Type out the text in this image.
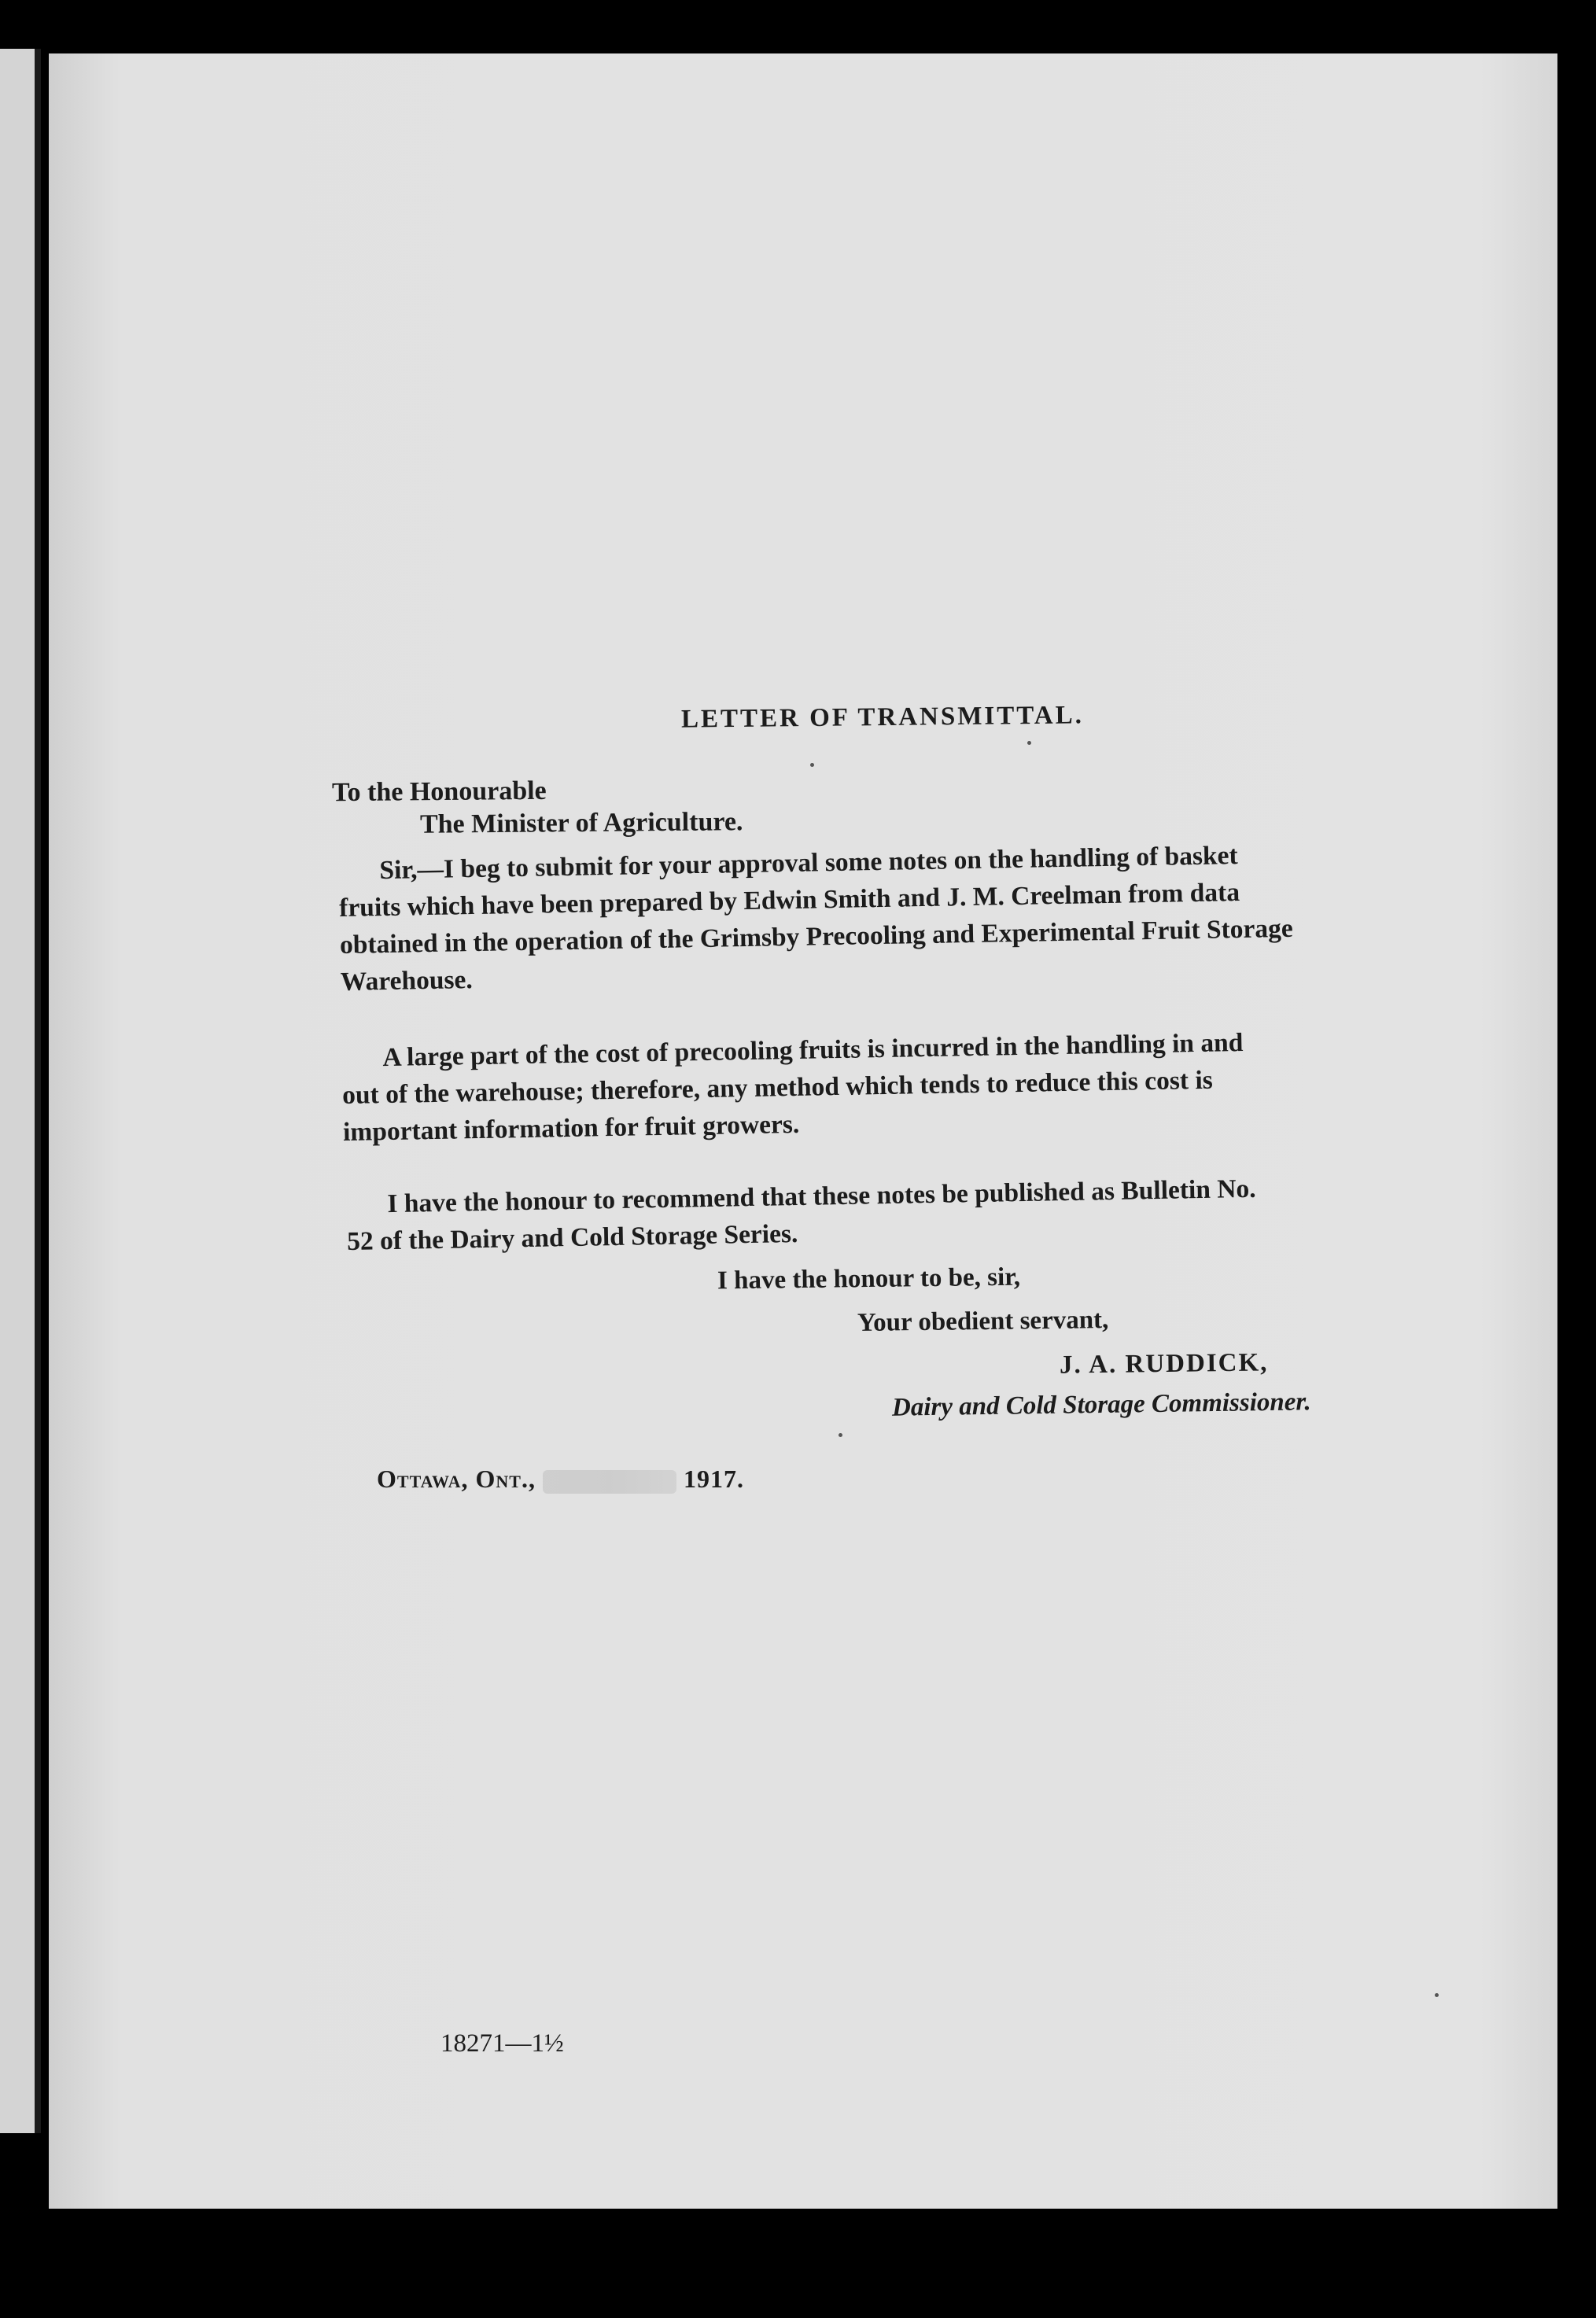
LETTER OF TRANSMITTAL.
To the Honourable
The Minister of Agriculture.
Sir,—I beg to submit for your approval some notes on the handling of basket
fruits which have been prepared by Edwin Smith and J. M. Creelman from data
obtained in the operation of the Grimsby Precooling and Experimental Fruit Storage
Warehouse.
A large part of the cost of precooling fruits is incurred in the handling in and
out of the warehouse; therefore, any method which tends to reduce this cost is
important information for fruit growers.
I have the honour to recommend that these notes be published as Bulletin No.
52 of the Dairy and Cold Storage Series.
I have the honour to be, sir,
Your obedient servant,
J. A. RUDDICK,
Dairy and Cold Storage Commissioner.
Ottawa, Ont.,	1917.
18271—1½
